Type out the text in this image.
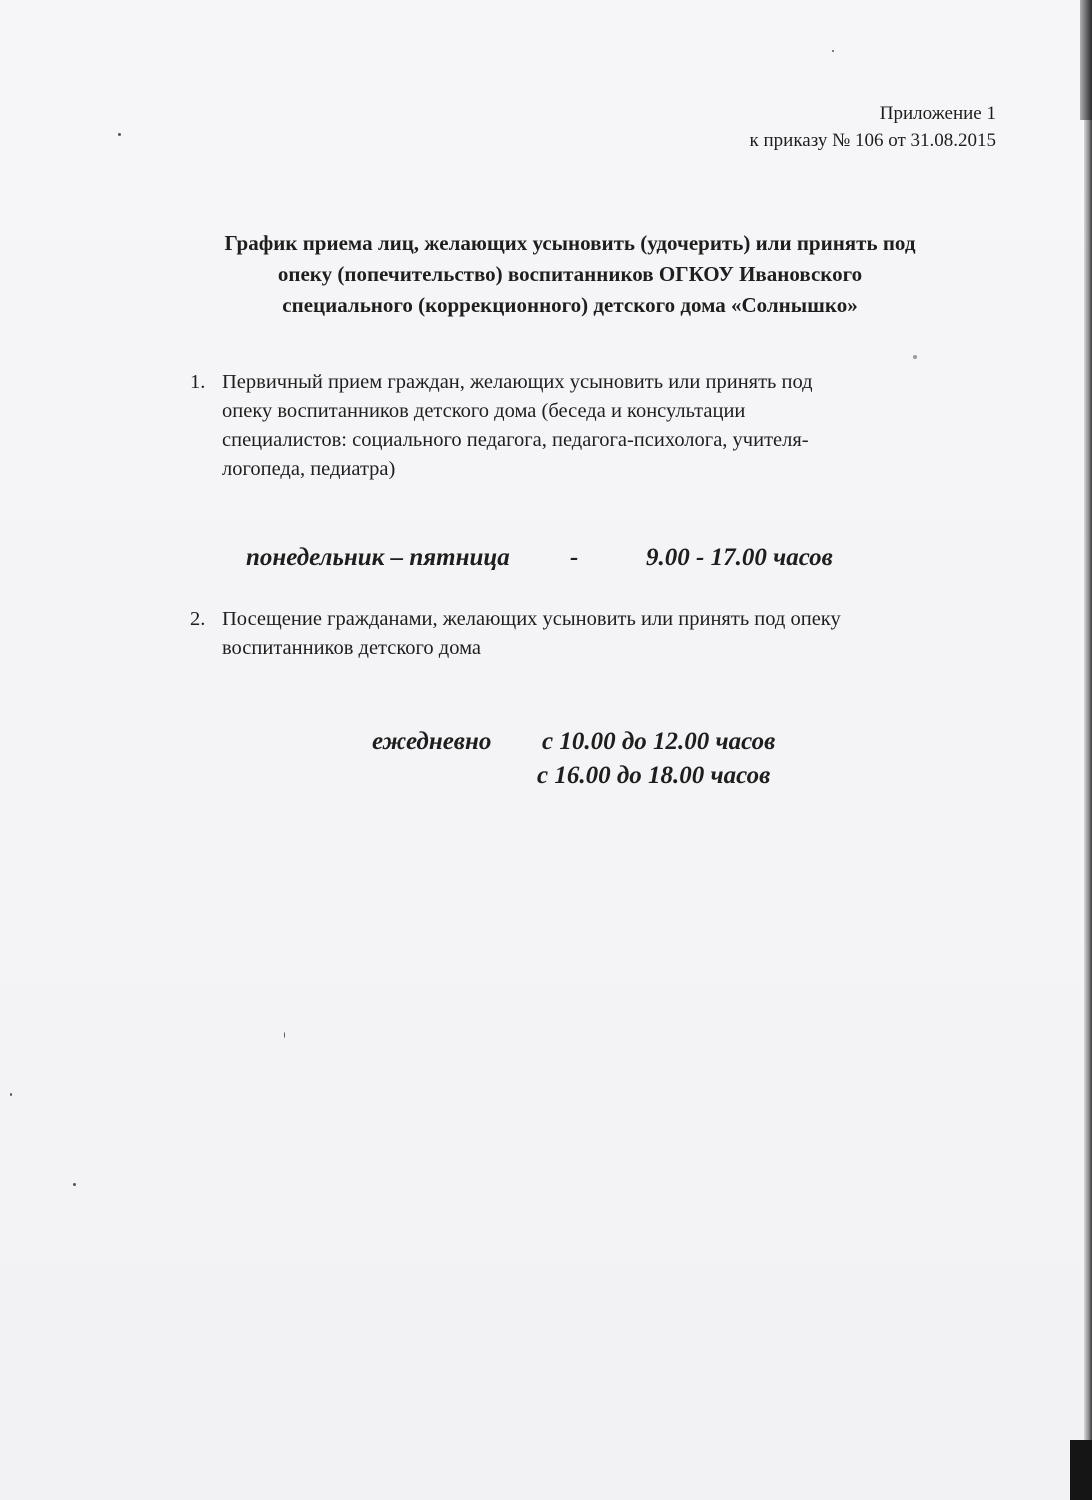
Приложение 1
к приказу № 106 от 31.08.2015
График приема лиц, желающих усыновить (удочерить) или принять под
опеку (попечительство) воспитанников ОГКОУ Ивановского
специального (коррекционного) детского дома «Солнышко»
1. Первичный прием граждан, желающих усыновить или принять под
опеку воспитанников детского дома (беседа и консультации
специалистов: социального педагога, педагога-психолога, учителя-
логопеда, педиатра)
понедельник – пятница -	9.00 - 17.00 часов
2. Посещение гражданами, желающих усыновить или принять под опеку
воспитанников детского дома
ежедневно с 10.00 до 12.00 часов
с 16.00 до 18.00 часов
